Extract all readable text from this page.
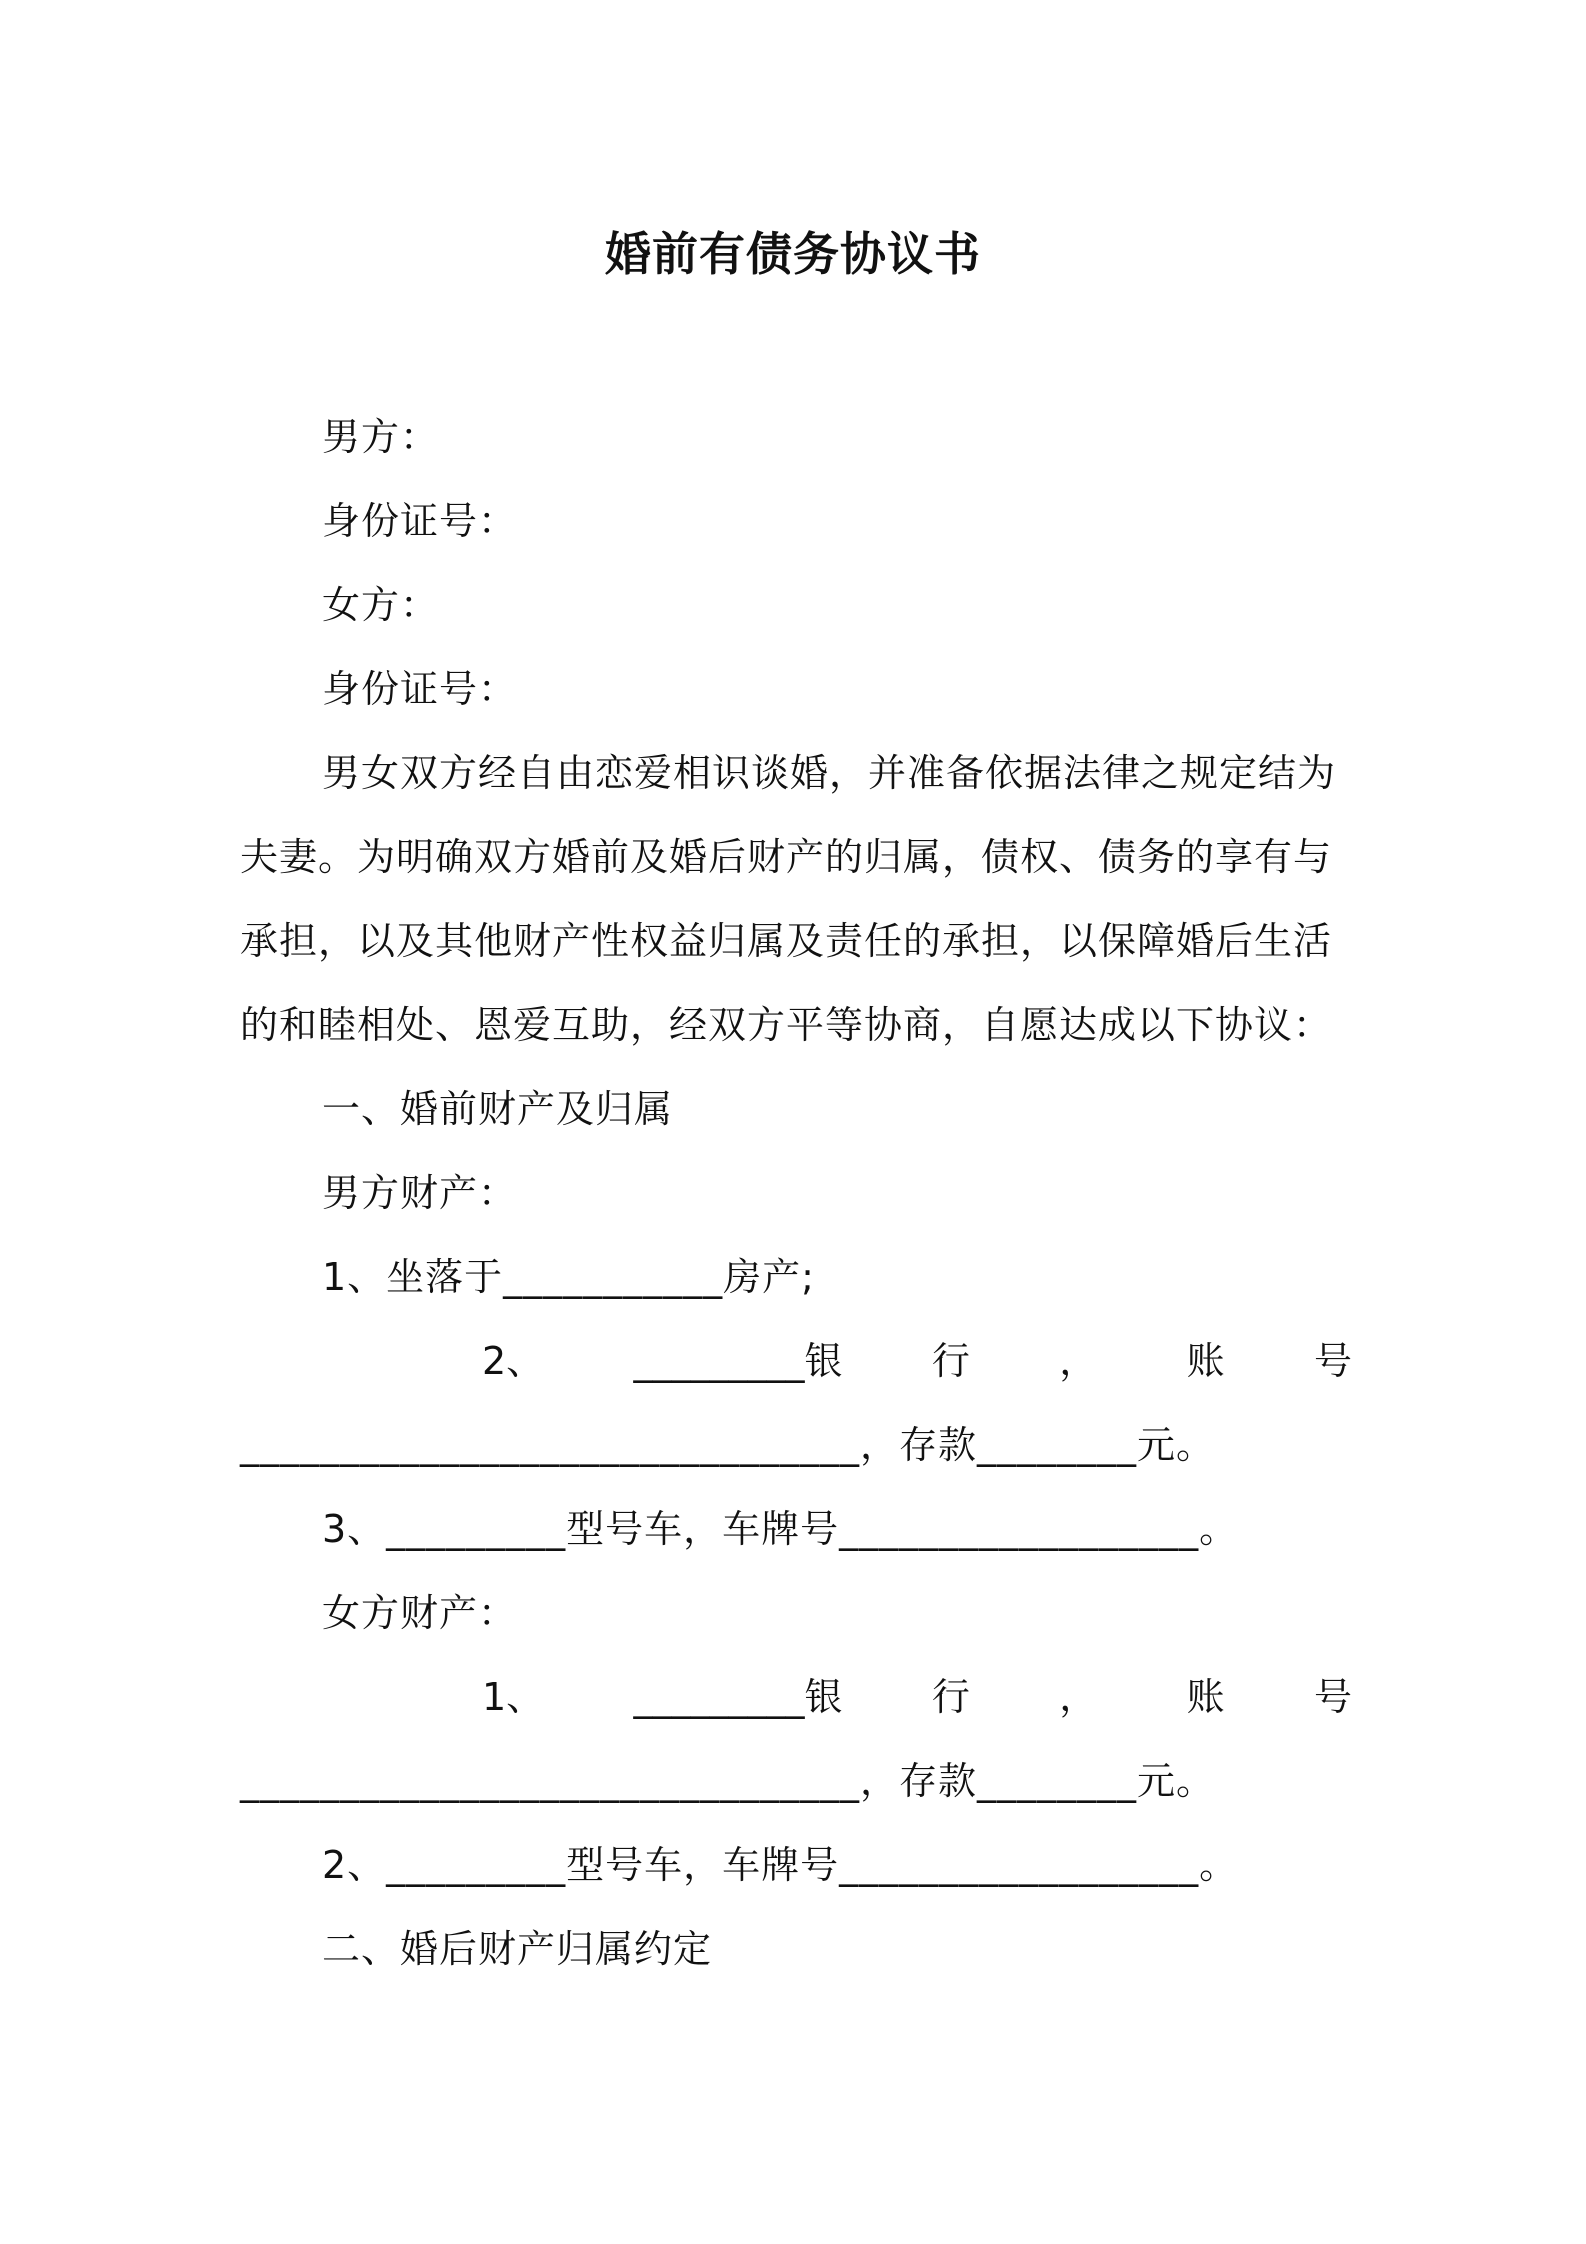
婚前有债务协议书
男方：
身份证号：
女方：
身份证号：
男女双方经自由恋爱相识谈婚，并准备依据法律之规定结为
夫妻。为明确双方婚前及婚后财产的归属，债权、债务的享有与
承担，以及其他财产性权益归属及责任的承担，以保障婚后生活
的和睦相处、恩爱互助，经双方平等协商，自愿达成以下协议：
一、婚前财产及归属
男方财产：
1、坐落于___________房产;
2、 _________银 行 ， 账 号
_______________________________，存款________元。
3、_________型号车，车牌号__________________。
女方财产：
1、 _________银 行 ， 账 号
_______________________________，存款________元。
2、_________型号车，车牌号__________________。
二、婚后财产归属约定
